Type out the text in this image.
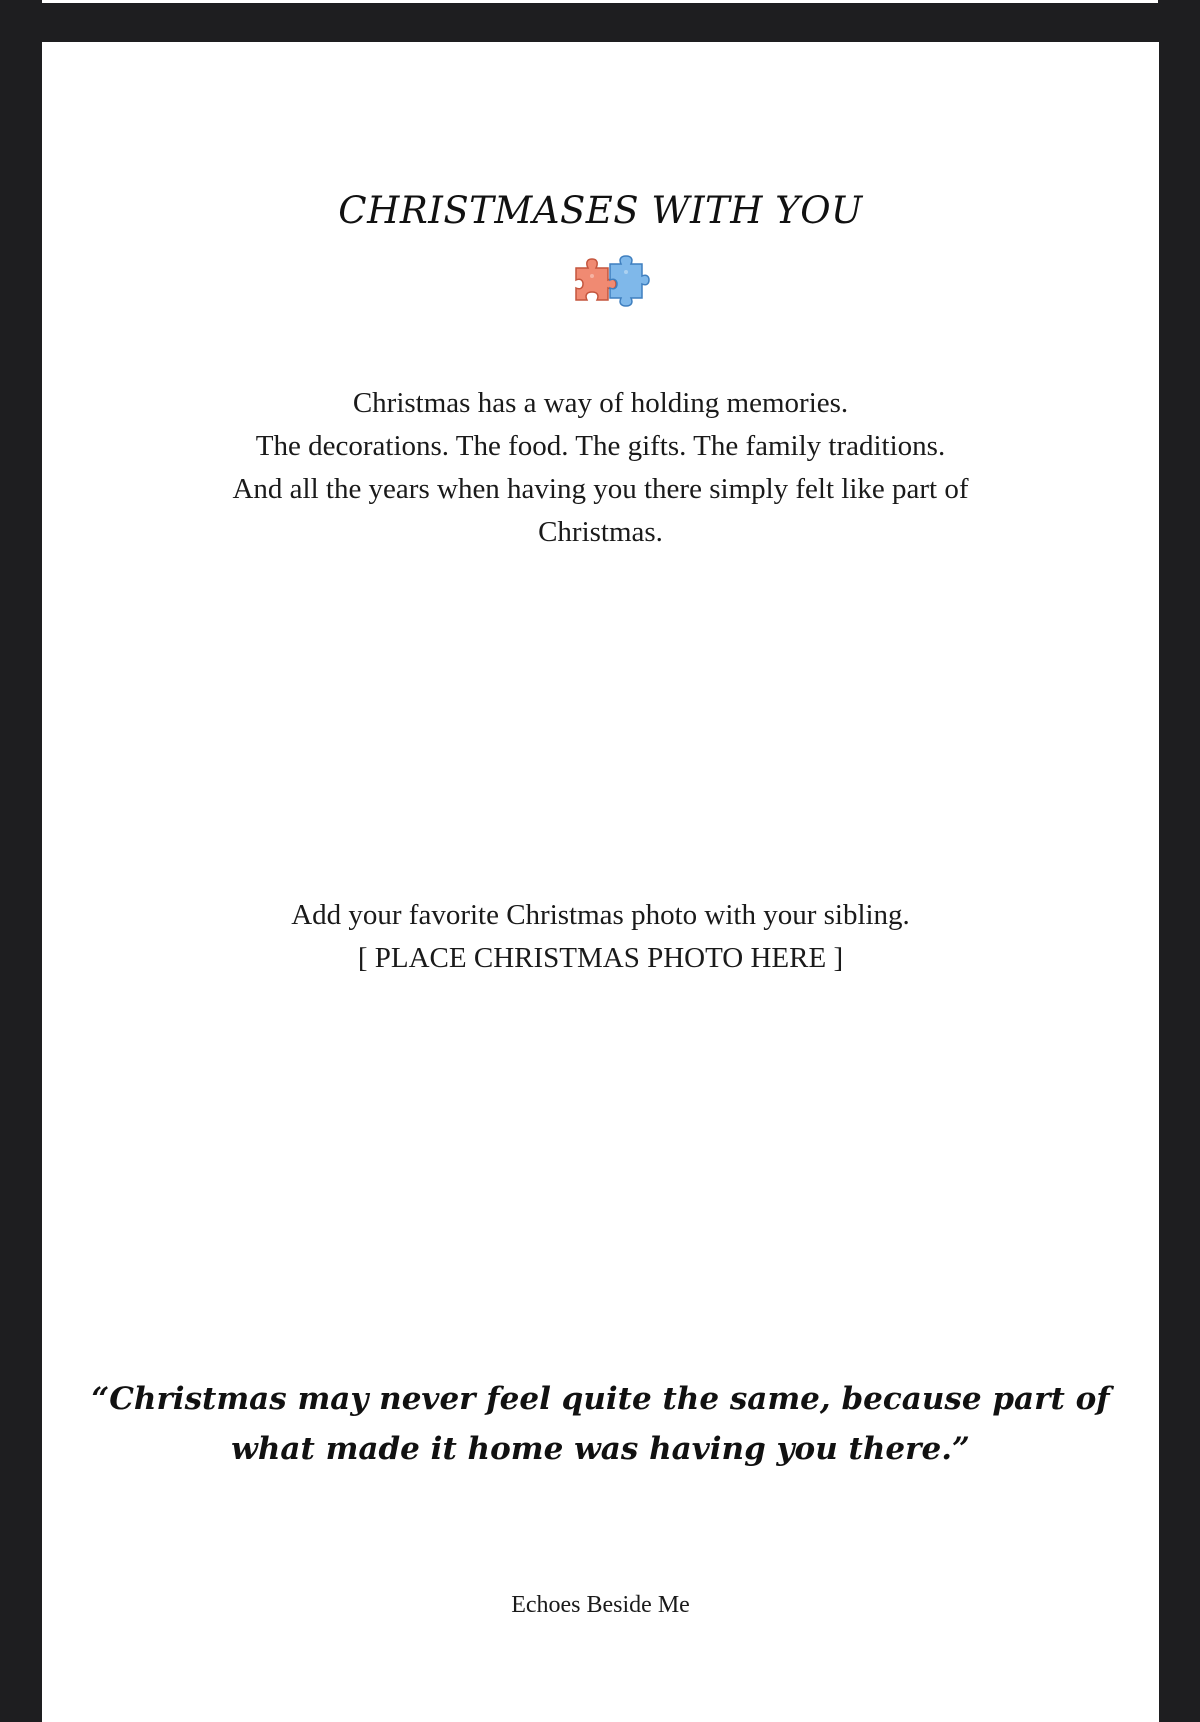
CHRISTMASES WITH YOU
Christmas has a way of holding memories.
The decorations. The food. The gifts. The family traditions.
And all the years when having you there simply felt like part of
Christmas.
Add your favorite Christmas photo with your sibling.
[ PLACE CHRISTMAS PHOTO HERE ]
“Christmas may never feel quite the same, because part of
what made it home was having you there.”
Echoes Beside Me
